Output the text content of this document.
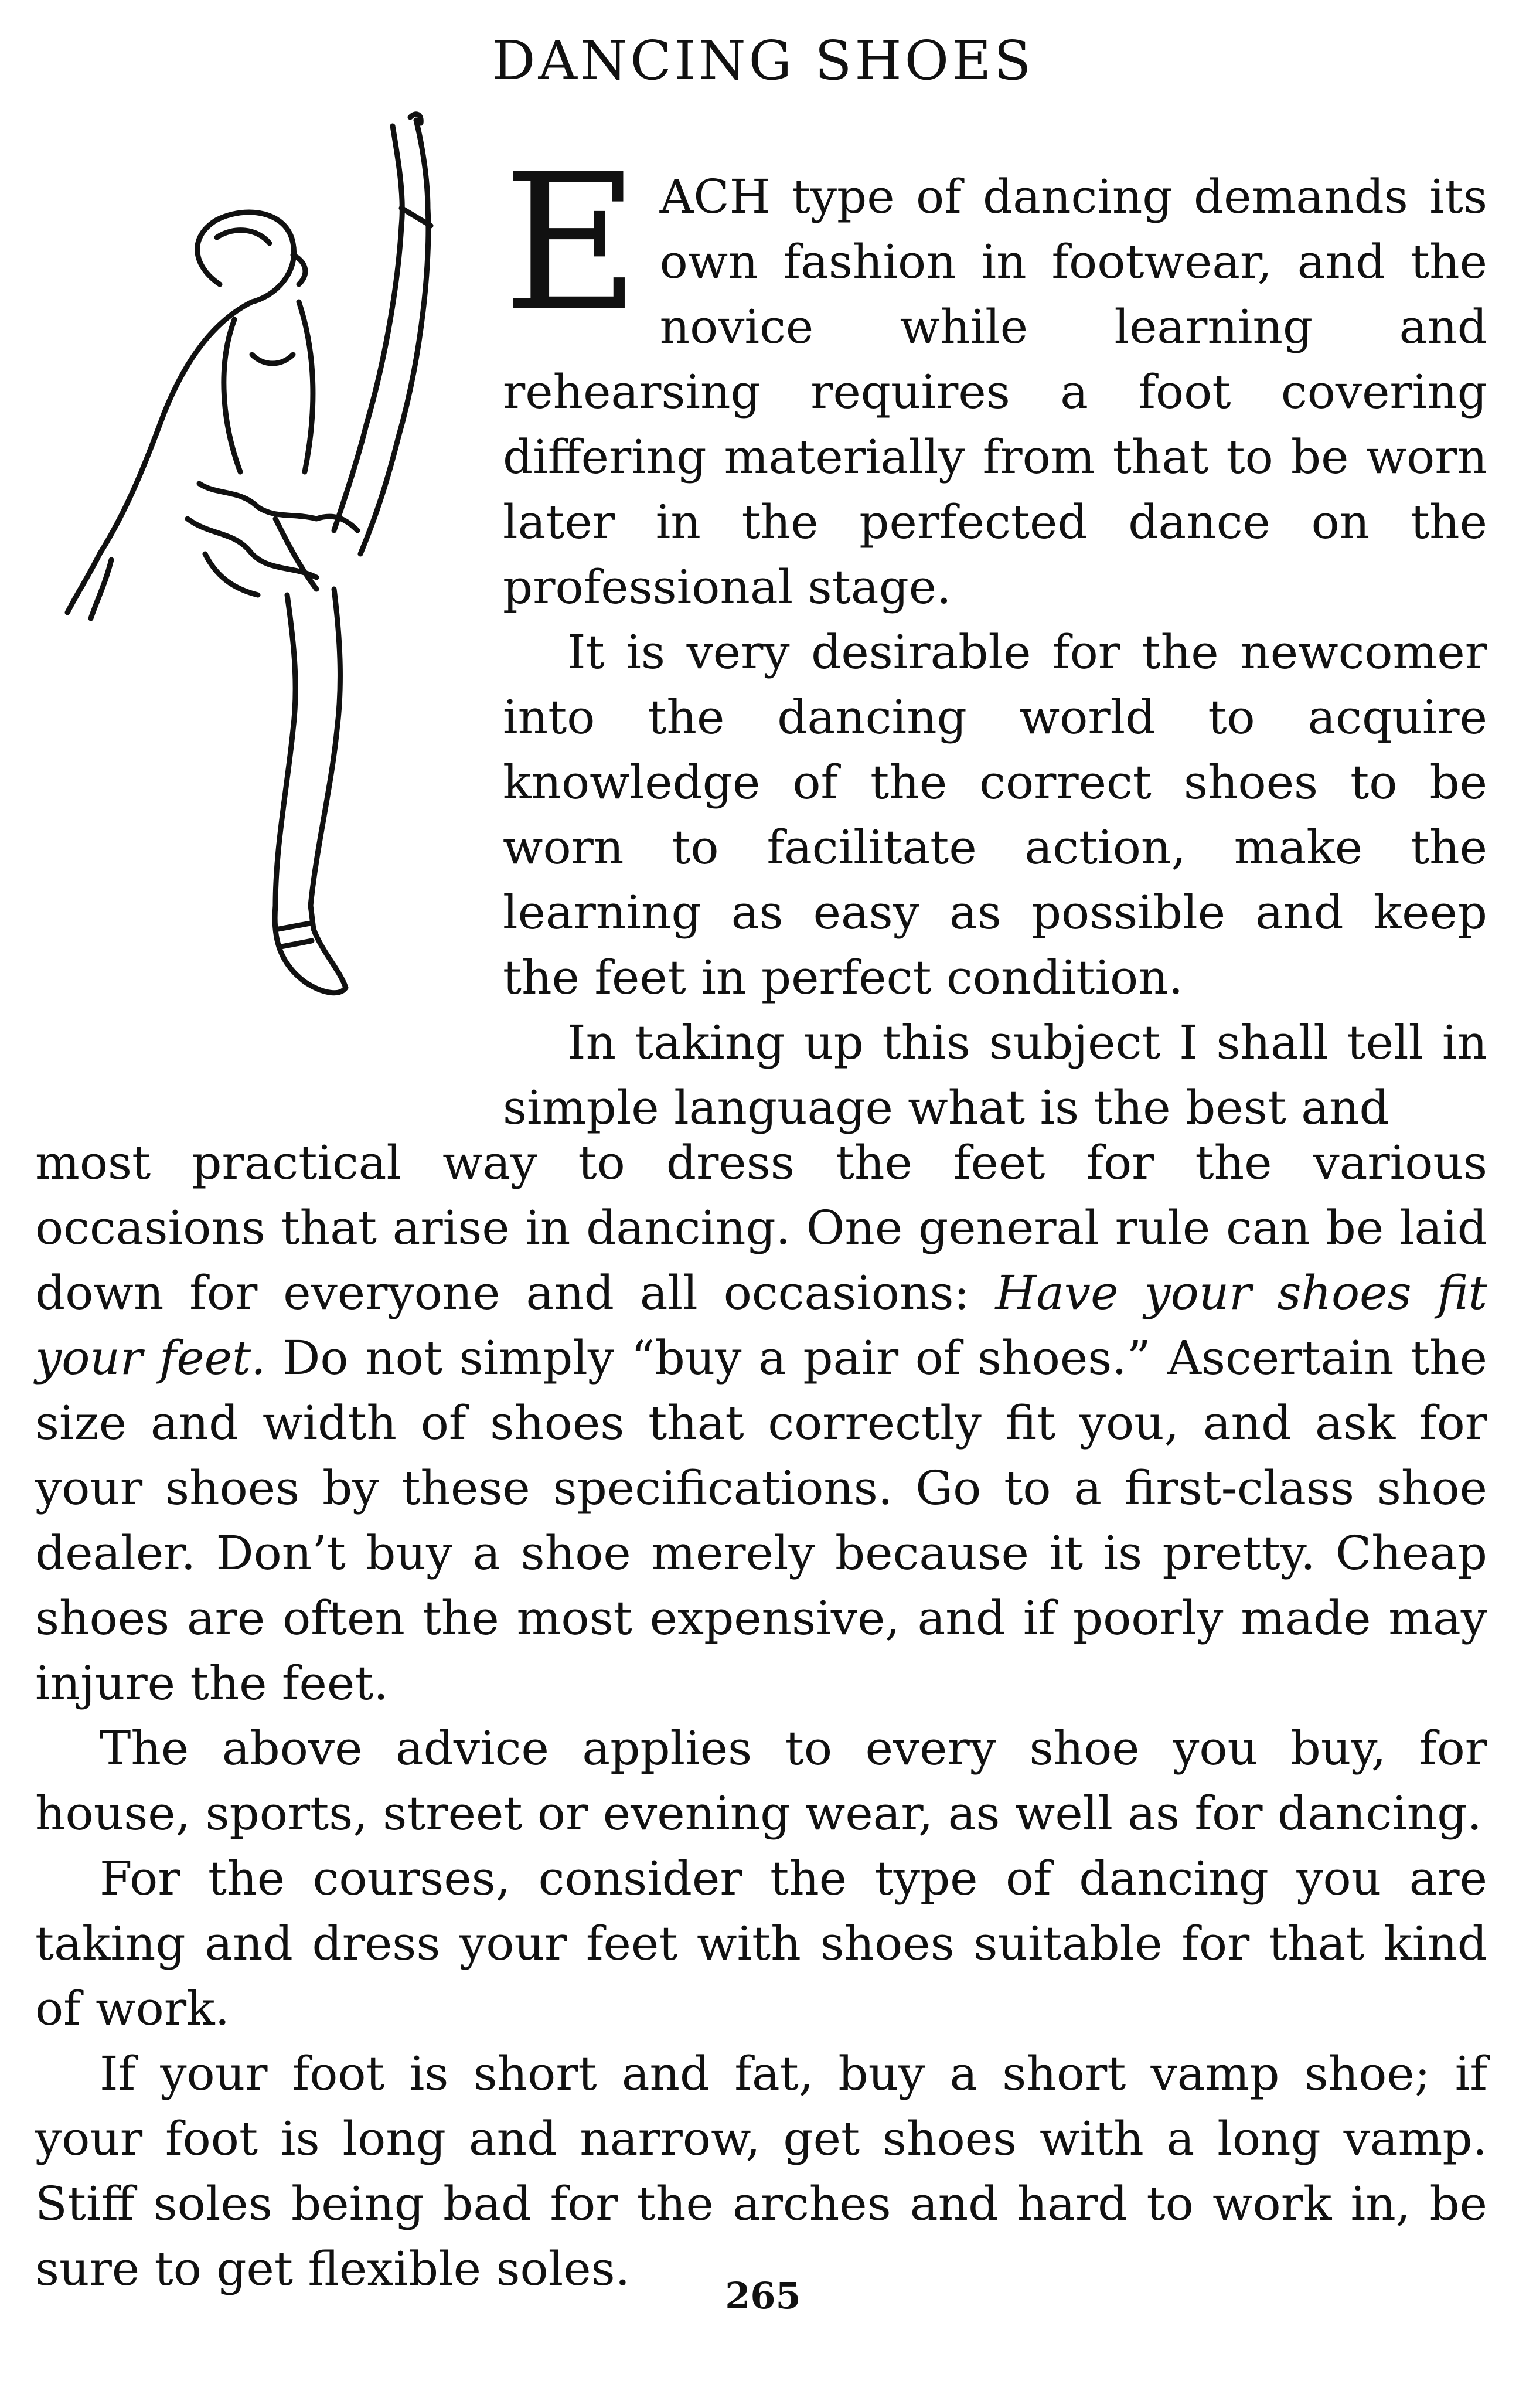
DANCING SHOES

EACH type of dancing demands its own fashion in footwear, and the novice while learning and rehearsing requires a foot covering differing materially from that to be worn later in the perfected dance on the professional stage.

It is very desirable for the newcomer into the dancing world to acquire knowledge of the correct shoes to be worn to facilitate action, make the learning as easy as possible and keep the feet in perfect condition.

In taking up this subject I shall tell in simple language what is the best and

most practical way to dress the feet for the various occasions that arise in dancing. One general rule can be laid down for everyone and all occasions: Have your shoes fit your feet. Do not simply “buy a pair of shoes.” Ascertain the size and width of shoes that correctly fit you, and ask for your shoes by these specifications. Go to a first-class shoe dealer. Don’t buy a shoe merely because it is pretty. Cheap shoes are often the most expensive, and if poorly made may injure the feet.

The above advice applies to every shoe you buy, for house, sports, street or evening wear, as well as for dancing.

For the courses, consider the type of dancing you are taking and dress your feet with shoes suitable for that kind of work.

If your foot is short and fat, buy a short vamp shoe; if your foot is long and narrow, get shoes with a long vamp. Stiff soles being bad for the arches and hard to work in, be sure to get flexible soles.	265
